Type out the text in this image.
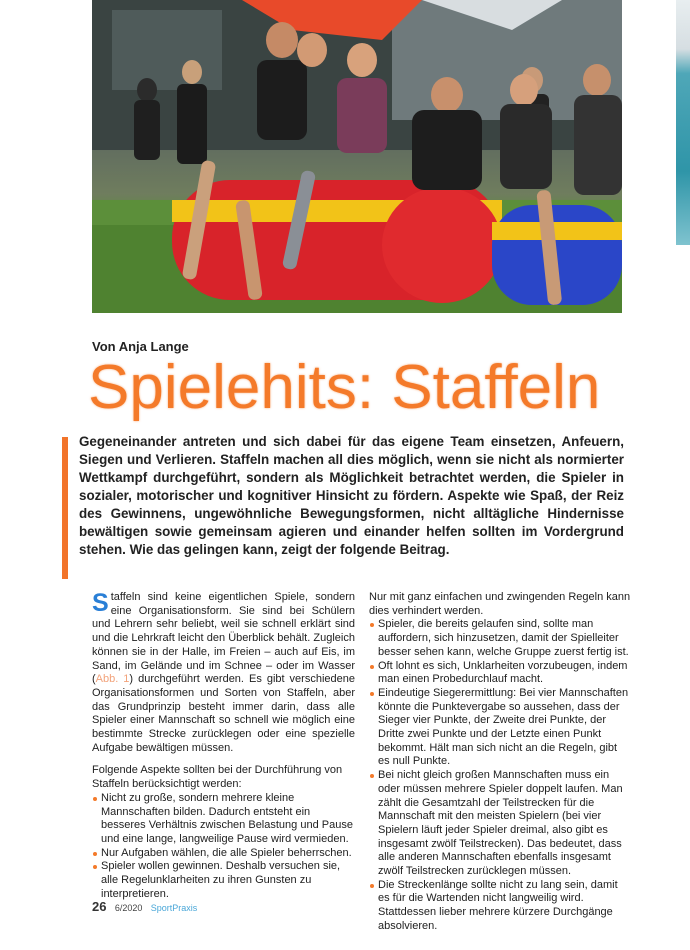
Von Anja Lange
Spielehits: Staffeln
Gegeneinander antreten und sich dabei für das eigene Team einsetzen, Anfeuern, Siegen und Verlieren. Staffeln machen all dies möglich, wenn sie nicht als normierter Wettkampf durchgeführt, sondern als Möglichkeit betrachtet werden, die Spieler in sozialer, motorischer und kognitiver Hinsicht zu fördern. Aspekte wie Spaß, der Reiz des Gewinnens, ungewöhnliche Bewegungsformen, nicht alltägliche Hindernisse bewältigen sowie gemeinsam agieren und einander helfen sollten im Vordergrund stehen. Wie das gelingen kann, zeigt der folgende Beitrag.

Staffeln sind keine eigentlichen Spiele, sondern eine Organisationsform. Sie sind bei Schülern und Lehrern sehr beliebt, weil sie schnell erklärt sind und die Lehrkraft leicht den Überblick behält. Zugleich können sie in der Halle, im Freien – auch auf Eis, im Sand, im Gelände und im Schnee – oder im Wasser (Abb. 1) durchgeführt werden. Es gibt verschiedene Organisationsformen und Sorten von Staffeln, aber das Grundprinzip besteht immer darin, dass alle Spieler einer Mannschaft so schnell wie möglich eine bestimmte Strecke zurücklegen oder eine spezielle Aufgabe bewältigen müssen.

Folgende Aspekte sollten bei der Durchführung von Staffeln berücksichtigt werden:

Nicht zu große, sondern mehrere kleine Mannschaften bilden. Dadurch entsteht ein besseres Verhältnis zwischen Belastung und Pause und eine lange, langweilige Pause wird vermieden.
Nur Aufgaben wählen, die alle Spieler beherrschen.
Spieler wollen gewinnen. Deshalb versuchen sie, alle Regelunklarheiten zu ihren Gunsten zu interpretieren.

Nur mit ganz einfachen und zwingenden Regeln kann dies verhindert werden.

Spieler, die bereits gelaufen sind, sollte man auffordern, sich hinzusetzen, damit der Spielleiter besser sehen kann, welche Gruppe zuerst fertig ist.
Oft lohnt es sich, Unklarheiten vorzubeugen, indem man einen Probedurchlauf macht.
Eindeutige Siegerermittlung: Bei vier Mannschaften könnte die Punktevergabe so aussehen, dass der Sieger vier Punkte, der Zweite drei Punkte, der Dritte zwei Punkte und der Letzte einen Punkt bekommt. Hält man sich nicht an die Regeln, gibt es null Punkte.
Bei nicht gleich großen Mannschaften muss ein oder müssen mehrere Spieler doppelt laufen. Man zählt die Gesamtzahl der Teilstrecken für die Mannschaft mit den meisten Spielern (bei vier Spielern läuft jeder Spieler dreimal, also gibt es insgesamt zwölf Teilstrecken). Das bedeutet, dass alle anderen Mannschaften ebenfalls insgesamt zwölf Teilstrecken zurücklegen müssen.
Die Streckenlänge sollte nicht zu lang sein, damit es für die Wartenden nicht langweilig wird. Stattdessen lieber mehrere kürzere Durchgänge absolvieren.
26 6/2020 SportPraxis
